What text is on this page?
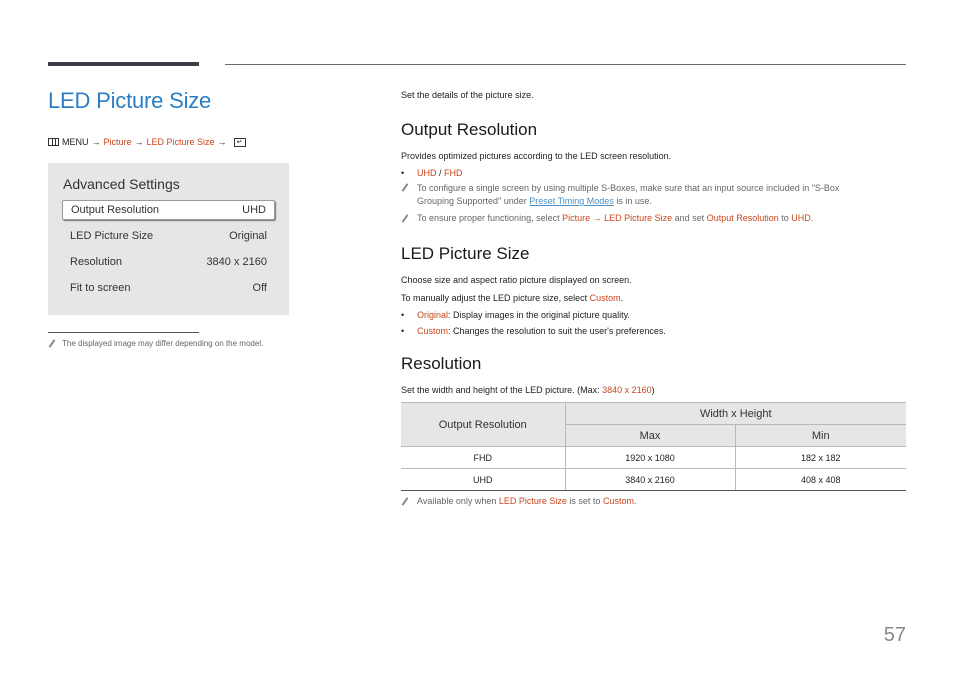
LED Picture Size
MENU → Picture → LED Picture Size →	↵
Advanced Settings
Output Resolution	UHD
LED Picture Size	Original
Resolution	3840 x 2160
Fit to screen	Off
The displayed image may differ depending on the model.
Set the details of the picture size.
Output Resolution
Provides optimized pictures according to the LED screen resolution.
• UHD / FHD
To configure a single screen by using multiple S-Boxes, make sure that an input source included in "S-Box
Grouping Supported" under Preset Timing Modes is in use.
To ensure proper functioning, select Picture → LED Picture Size and set Output Resolution to UHD.
LED Picture Size
Choose size and aspect ratio picture displayed on screen.
To manually adjust the LED picture size, select Custom.
• Original: Display images in the original picture quality.
• Custom: Changes the resolution to suit the user's preferences.
Resolution
Set the width and height of the LED picture. (Max: 3840 x 2160)
Output Resolution	Width x Height	
	Max	Min
FHD	1920 x 1080	182 x 182
UHD	3840 x 2160	408 x 408
Available only when LED Picture Size is set to Custom.
57
